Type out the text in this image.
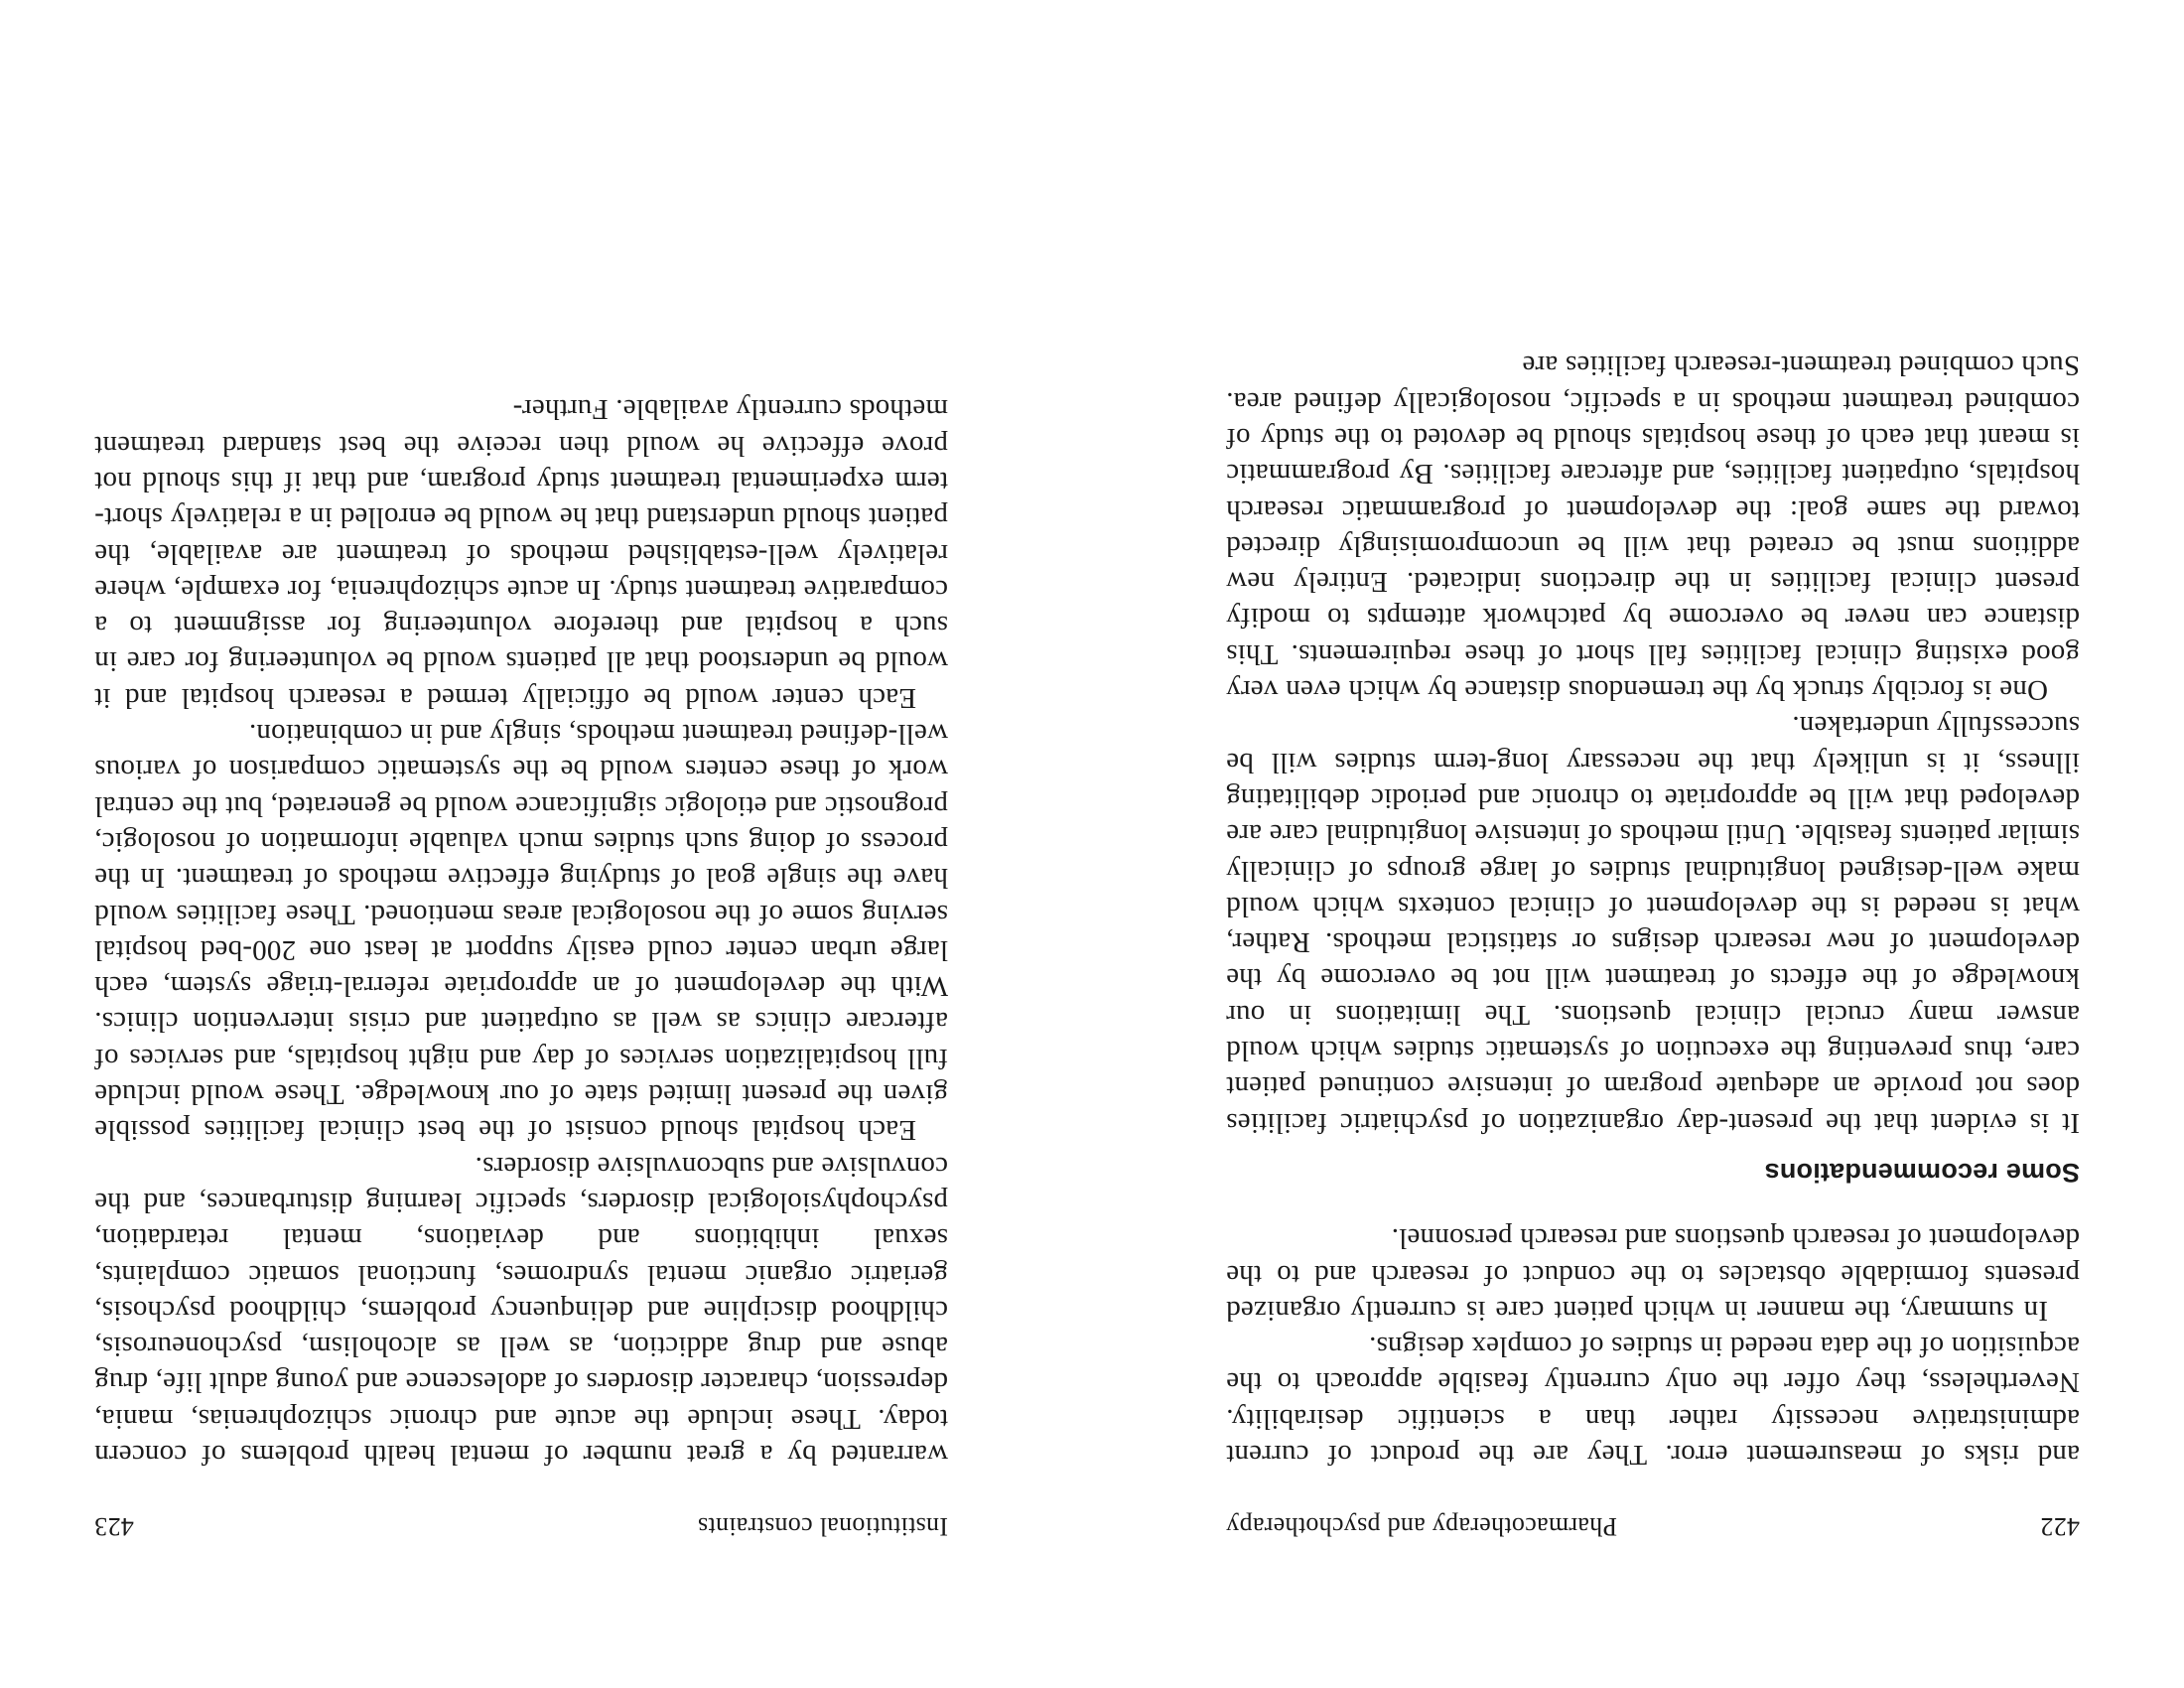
422
Pharmacotherapy and psychotherapy

and risks of measurement error. They are the product of current administrative necessity rather than a scientific desirability. Nevertheless, they offer the only currently feasible approach to the acquisition of the data needed in studies of complex designs.

In summary, the manner in which patient care is currently organized presents formidable obstacles to the conduct of research and to the development of research questions and research personnel.

Some recommendations

It is evident that the present-day organization of psychiatric facilities does not provide an adequate program of intensive continued patient care, thus preventing the execution of systematic studies which would answer many crucial clinical questions. The limitations in our knowledge of the effects of treatment will not be overcome by the development of new research designs or statistical methods. Rather, what is needed is the development of clinical contexts which would make well-designed longitudinal studies of large groups of clinically similar patients feasible. Until methods of intensive longitudinal care are developed that will be appropriate to chronic and periodic debilitating illness, it is unlikely that the necessary long-term studies will be successfully undertaken.

One is forcibly struck by the tremendous distance by which even very good existing clinical facilities fall short of these requirements. This distance can never be overcome by patchwork attempts to modify present clinical facilities in the directions indicated. Entirely new additions must be created that will be uncompromisingly directed toward the same goal: the development of programmatic research hospitals, outpatient facilities, and aftercare facilities. By programmatic is meant that each of these hospitals should be devoted to the study of combined treatment methods in a specific, nosologically defined area. Such combined treatment-research facilities are

Institutional constraints
423

warranted by a great number of mental health problems of concern today. These include the acute and chronic schizophrenias, mania, depression, character disorders of adolescence and young adult life, drug abuse and drug addiction, as well as alcoholism, psychoneurosis, childhood discipline and delinquency problems, childhood psychosis, geriatric organic mental syndromes, functional somatic complaints, sexual inhibitions and deviations, mental retardation, psychophysiological disorders, specific learning disturbances, and the convulsive and subconvulsive disorders.

Each hospital should consist of the best clinical facilities possible given the present limited state of our knowledge. These would include full hospitalization services of day and night hospitals, and services of aftercare clinics as well as outpatient and crisis intervention clinics. With the development of an appropriate referral-triage system, each large urban center could easily support at least one 200-bed hospital serving some of the nosological areas mentioned. These facilities would have the single goal of studying effective methods of treatment. In the process of doing such studies much valuable information of nosologic, prognostic and etiologic significance would be generated, but the central work of these centers would be the systematic comparison of various well-defined treatment methods, singly and in combination.

Each center would be officially termed a research hospital and it would be understood that all patients would be volunteering for care in such a hospital and therefore volunteering for assignment to a comparative treatment study. In acute schizophrenia, for example, where relatively well-established methods of treatment are available, the patient should understand that he would be enrolled in a relatively short-term experimental treatment study program, and that if this should not prove effective he would then receive the best standard treatment methods currently available. Further-
